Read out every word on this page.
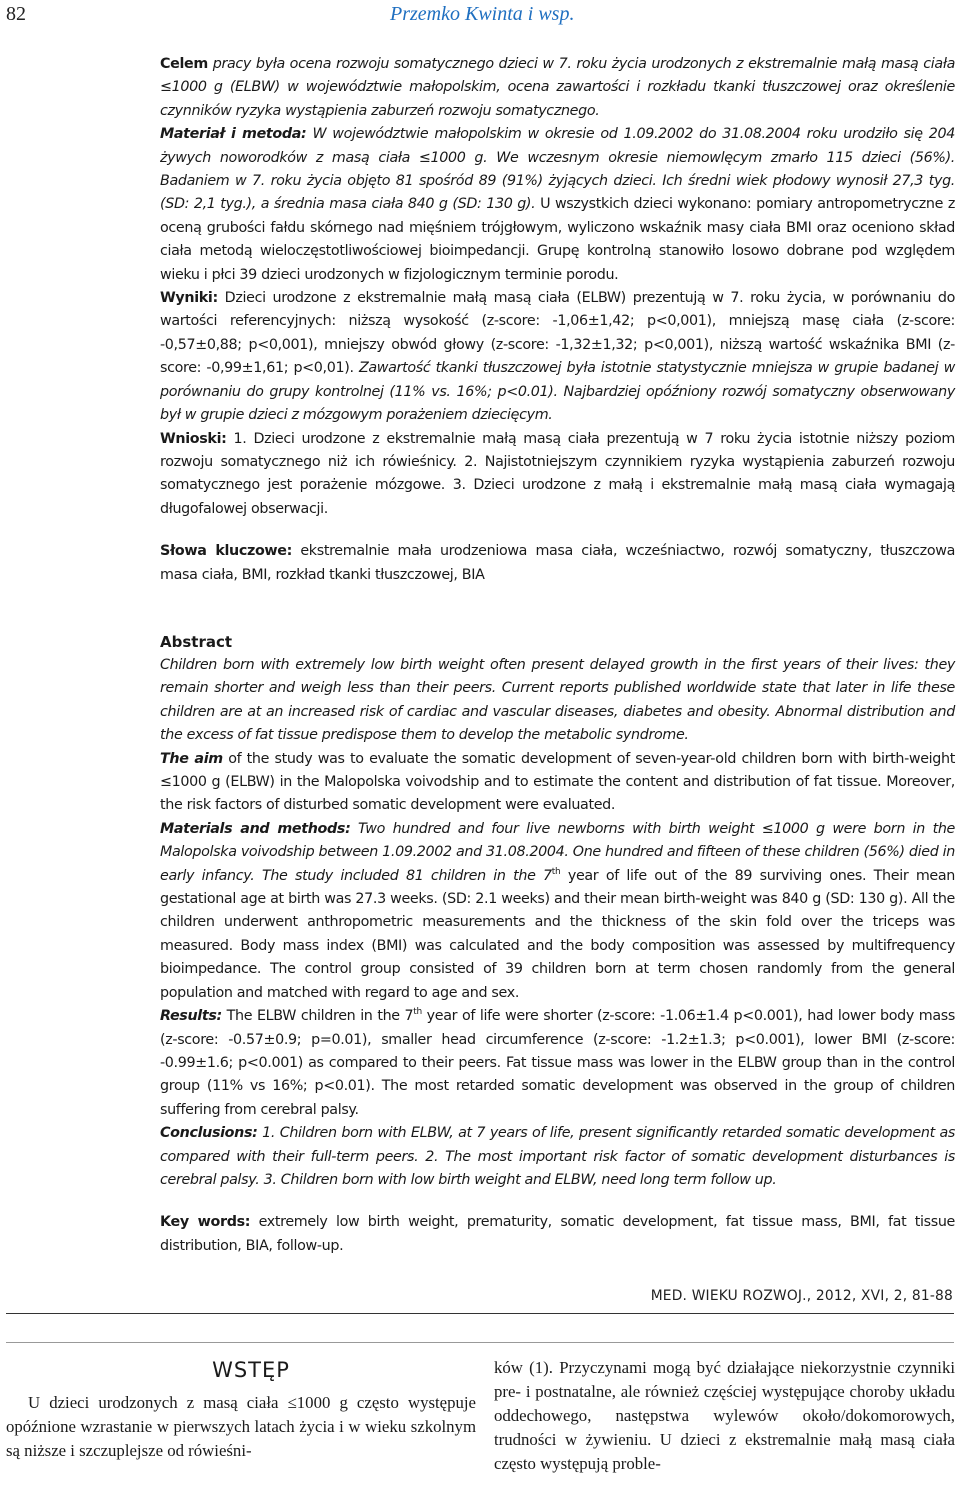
82	Przemko Kwinta i wsp.

Celem pracy była ocena rozwoju somatycznego dzieci w 7. roku życia urodzonych z ekstremalnie małą masą ciała ≤1000 g (ELBW) w województwie małopolskim, ocena zawartości i rozkładu tkanki tłuszczowej oraz określenie czynników ryzyka wystąpienia zaburzeń rozwoju somatycznego.
Materiał i metoda: W województwie małopolskim w okresie od 1.09.2002 do 31.08.2004 roku urodziło się 204 żywych noworodków z masą ciała ≤1000 g. We wczesnym okresie niemowlęcym zmarło 115 dzieci (56%). Badaniem w 7. roku życia objęto 81 spośród 89 (91%) żyjących dzieci. Ich średni wiek płodowy wynosił 27,3 tyg. (SD: 2,1 tyg.), a średnia masa ciała 840 g (SD: 130 g). U wszystkich dzieci wykonano: pomiary antropometryczne z oceną grubości fałdu skórnego nad mięśniem trójgłowym, wyliczono wskaźnik masy ciała BMI oraz oceniono skład ciała metodą wieloczęstotliwościowej bioimpedancji. Grupę kontrolną stanowiło losowo dobrane pod względem wieku i płci 39 dzieci urodzonych w fizjologicznym terminie porodu.
Wyniki: Dzieci urodzone z ekstremalnie małą masą ciała (ELBW) prezentują w 7. roku życia, w porównaniu do wartości referencyjnych: niższą wysokość (z-score: -1,06±1,42; p<0,001), mniejszą masę ciała (z-score: -0,57±0,88; p<0,001), mniejszy obwód głowy (z-score: -1,32±1,32; p<0,001), niższą wartość wskaźnika BMI (z-score: -0,99±1,61; p<0,01). Zawartość tkanki tłuszczowej była istotnie statystycznie mniejsza w grupie badanej w porównaniu do grupy kontrolnej (11% vs. 16%; p<0.01). Najbardziej opóźniony rozwój somatyczny obserwowany był w grupie dzieci z mózgowym porażeniem dziecięcym.
Wnioski: 1. Dzieci urodzone z ekstremalnie małą masą ciała prezentują w 7 roku życia istotnie niższy poziom rozwoju somatycznego niż ich rówieśnicy. 2. Najistotniejszym czynnikiem ryzyka wystąpienia zaburzeń rozwoju somatycznego jest porażenie mózgowe. 3. Dzieci urodzone z małą i ekstremalnie małą masą ciała wymagają długofalowej obserwacji.

Słowa kluczowe: ekstremalnie mała urodzeniowa masa ciała, wcześniactwo, rozwój somatyczny, tłuszczowa masa ciała, BMI, rozkład tkanki tłuszczowej, BIA

Abstract

Children born with extremely low birth weight often present delayed growth in the first years of their lives: they remain shorter and weigh less than their peers. Current reports published worldwide state that later in life these children are at an increased risk of cardiac and vascular diseases, diabetes and obesity. Abnormal distribution and the excess of fat tissue predispose them to develop the metabolic syndrome.
The aim of the study was to evaluate the somatic development of seven-year-old children born with birth-weight ≤1000 g (ELBW) in the Malopolska voivodship and to estimate the content and distribution of fat tissue. Moreover, the risk factors of disturbed somatic development were evaluated.
Materials and methods: Two hundred and four live newborns with birth weight ≤1000 g were born in the Malopolska voivodship between 1.09.2002 and 31.08.2004. One hundred and fifteen of these children (56%) died in early infancy. The study included 81 children in the 7th year of life out of the 89 surviving ones. Their mean gestational age at birth was 27.3 weeks. (SD: 2.1 weeks) and their mean birth-weight was 840 g (SD: 130 g). All the children underwent anthropometric measurements and the thickness of the skin fold over the triceps was measured. Body mass index (BMI) was calculated and the body composition was assessed by multifrequency bioimpedance. The control group consisted of 39 children born at term chosen randomly from the general population and matched with regard to age and sex.
Results: The ELBW children in the 7th year of life were shorter (z-score: -1.06±1.4 p<0.001), had lower body mass (z-score: -0.57±0.9; p=0.01), smaller head circumference (z-score: -1.2±1.3; p<0.001), lower BMI (z-score: -0.99±1.6; p<0.001) as compared to their peers. Fat tissue mass was lower in the ELBW group than in the control group (11% vs 16%; p<0.01). The most retarded somatic development was observed in the group of children suffering from cerebral palsy.
Conclusions: 1. Children born with ELBW, at 7 years of life, present significantly retarded somatic development as compared with their full-term peers. 2. The most important risk factor of somatic development disturbances is cerebral palsy. 3. Children born with low birth weight and ELBW, need long term follow up.

Key words: extremely low birth weight, prematurity, somatic development, fat tissue mass, BMI, fat tissue distribution, BIA, follow-up.

MED. WIEKU ROZWOJ., 2012, XVI, 2, 81-88

WSTĘP

U dzieci urodzonych z masą ciała ≤1000 g często występuje opóźnione wzrastanie w pierwszych latach życia i w wieku szkolnym są niższe i szczuplejsze od rówieśni-

ków (1). Przyczynami mogą być działające niekorzystnie czynniki pre- i postnatalne, ale również częściej występujące choroby układu oddechowego, następstwa wylewów około/dokomorowych, trudności w żywieniu. U dzieci z ekstremalnie małą masą ciała często występują proble-
